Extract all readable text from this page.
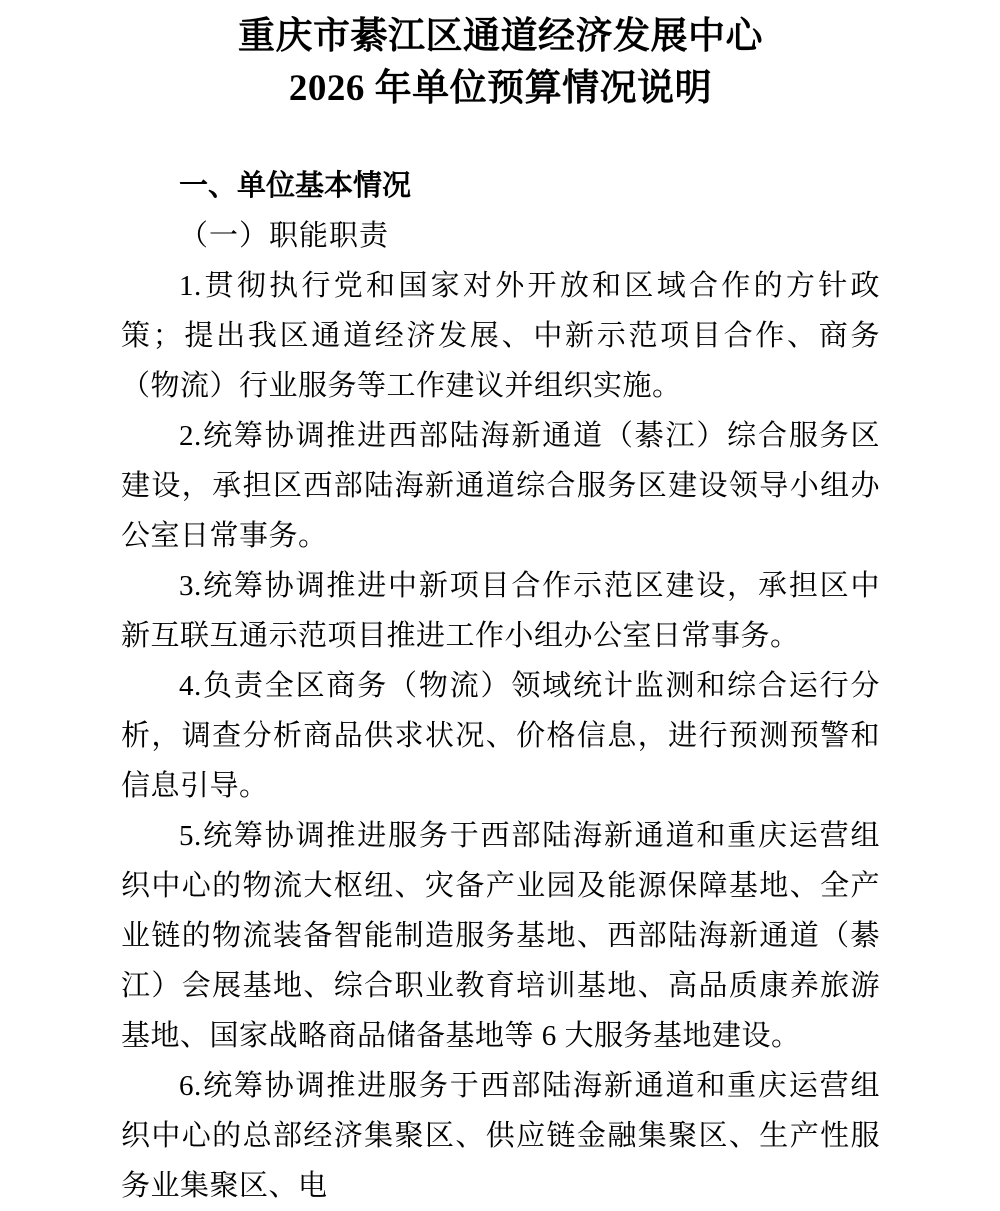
重庆市綦江区通道经济发展中心
2026 年单位预算情况说明
一、单位基本情况
（一）职能职责

1.贯彻执行党和国家对外开放和区域合作的方针政策；提出我区通道经济发展、中新示范项目合作、商务（物流）行业服务等工作建议并组织实施。

2.统筹协调推进西部陆海新通道（綦江）综合服务区建设，承担区西部陆海新通道综合服务区建设领导小组办公室日常事务。

3.统筹协调推进中新项目合作示范区建设，承担区中新互联互通示范项目推进工作小组办公室日常事务。

4.负责全区商务（物流）领域统计监测和综合运行分析，调查分析商品供求状况、价格信息，进行预测预警和信息引导。

5.统筹协调推进服务于西部陆海新通道和重庆运营组织中心的物流大枢纽、灾备产业园及能源保障基地、全产业链的物流装备智能制造服务基地、西部陆海新通道（綦江）会展基地、综合职业教育培训基地、高品质康养旅游基地、国家战略商品储备基地等 6 大服务基地建设。

6.统筹协调推进服务于西部陆海新通道和重庆运营组织中心的总部经济集聚区、供应链金融集聚区、生产性服务业集聚区、电
